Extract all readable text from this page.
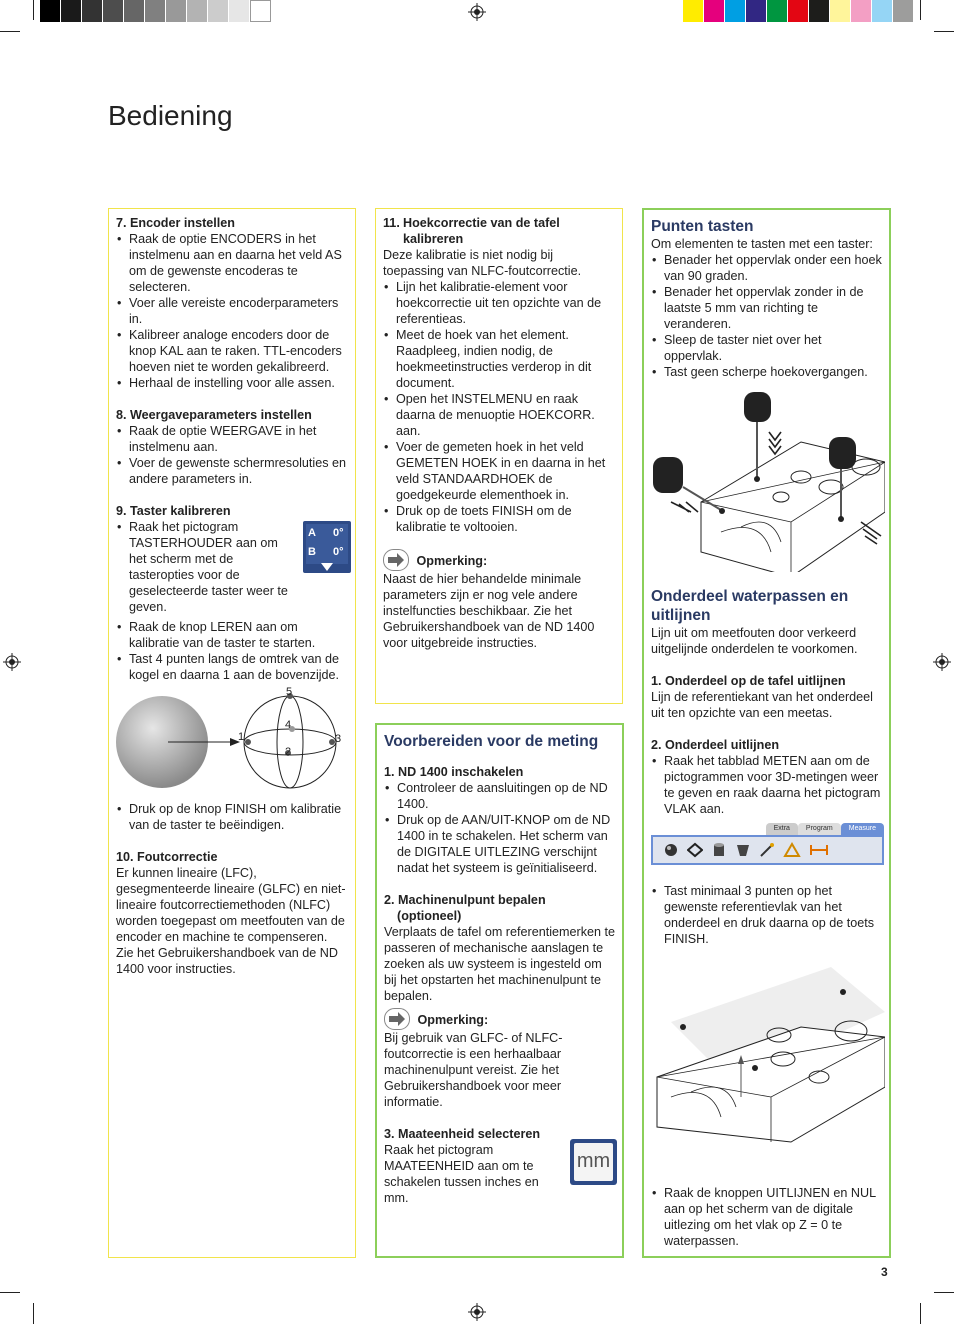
Bediening
7. Encoder instellen
• Raak de optie ENCODERS in het instelmenu aan en daarna het veld AS om de gewenste encoderas te selecteren.
• Voer alle vereiste encoderparameters in.
• Kalibreer analoge encoders door de knop KAL aan te raken. TTL-encoders hoeven niet te worden gekalibreerd.
• Herhaal de instelling voor alle assen.
8. Weergaveparameters instellen
• Raak de optie WEERGAVE in het instelmenu aan.
• Voer de gewenste schermresoluties en andere parameters in.
9. Taster kalibreren
• Raak het pictogram TASTERHOUDER aan om het scherm met de tasteropties voor de geselecteerde taster weer te geven.
A 0°
B 0°
• Raak de knop LEREN aan om kalibratie van de taster te starten.
• Tast 4 punten langs de omtrek van de kogel en daarna 1 aan de bovenzijde.
1
2
3
4
5
• Druk op de knop FINISH om kalibratie van de taster te beëindigen.
10. Foutcorrectie
Er kunnen lineaire (LFC), gesegmenteerde lineaire (GLFC) en niet-lineaire foutcorrectiemethoden (NLFC) worden toegepast om meetfouten van de encoder en machine te compenseren. Zie het Gebruikershandboek van de ND 1400 voor instructies.
11. Hoekcorrectie van de tafel
kalibreren
Deze kalibratie is niet nodig bij toepassing van NLFC-foutcorrectie.
• Lijn het kalibratie-element voor hoekcorrectie uit ten opzichte van de referentieas.
• Meet de hoek van het element. Raadpleeg, indien nodig, de hoekmeetinstructies verderop in dit document.
• Open het INSTELMENU en raak daarna de menuoptie HOEKCORR. aan.
• Voer de gemeten hoek in het veld GEMETEN HOEK in en daarna in het veld STANDAARDHOEK de goedgekeurde elementhoek in.
• Druk op de toets FINISH om de kalibratie te voltooien.
Opmerking:
Naast de hier behandelde minimale parameters zijn er nog vele andere instelfuncties beschikbaar. Zie het Gebruikershandboek van de ND 1400 voor uitgebreide instructies.
Voorbereiden voor de meting
1. ND 1400 inschakelen
• Controleer de aansluitingen op de ND 1400.
• Druk op de AAN/UIT-KNOP om de ND 1400 in te schakelen. Het scherm van de DIGITALE UITLEZING verschijnt nadat het systeem is geïnitialiseerd.
2. Machinenulpunt bepalen
(optioneel)
Verplaats de tafel om referentiemerken te passeren of mechanische aanslagen te zoeken als uw systeem is ingesteld om bij het opstarten het machinenulpunt te bepalen.
Opmerking:
Bij gebruik van GLFC- of NLFC-foutcorrectie is een herhaalbaar machinenulpunt vereist. Zie het Gebruikershandboek voor meer informatie.
3. Maateenheid selecteren
Raak het pictogram MAATEENHEID aan om te schakelen tussen inches en mm.
mm
Punten tasten
Om elementen te tasten met een taster:
• Benader het oppervlak onder een hoek van 90 graden.
• Benader het oppervlak zonder in de laatste 5 mm van richting te veranderen.
• Sleep de taster niet over het oppervlak.
• Tast geen scherpe hoekovergangen.
Onderdeel waterpassen en uitlijnen
Lijn uit om meetfouten door verkeerd uitgelijnde onderdelen te voorkomen.
1. Onderdeel op de tafel uitlijnen
Lijn de referentiekant van het onderdeel uit ten opzichte van een meetas.
2. Onderdeel uitlijnen
• Raak het tabblad METEN aan om de pictogrammen voor 3D-metingen weer te geven en raak daarna het pictogram VLAK aan.
Extra	Program	Measure
• Tast minimaal 3 punten op het gewenste referentievlak van het onderdeel en druk daarna op de toets FINISH.
• Raak de knoppen UITLIJNEN en NUL aan op het scherm van de digitale uitlezing om het vlak op Z = 0 te waterpassen.
3
